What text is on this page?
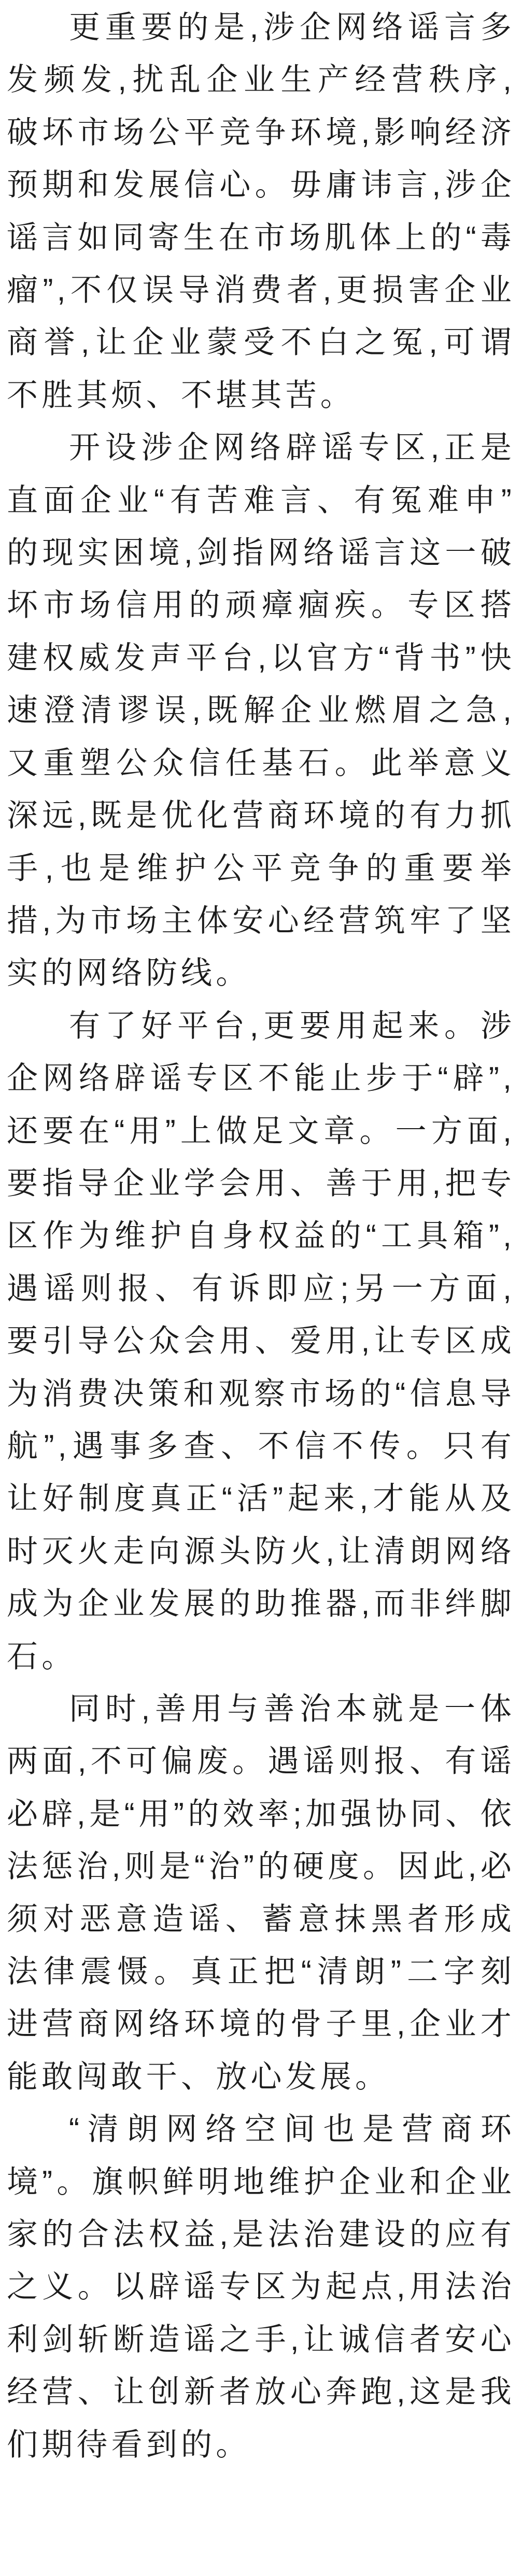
更重要的是,涉企网络谣言多发频发,扰乱企业生产经营秩序,破坏市场公平竞争环境,影响经济预期和发展信心。毋庸讳言,涉企谣言如同寄生在市场肌体上的“毒瘤”,不仅误导消费者,更损害企业商誉,让企业蒙受不白之冤,可谓不胜其烦、不堪其苦。

开设涉企网络辟谣专区,正是直面企业“有苦难言、有冤难申”的现实困境,剑指网络谣言这一破坏市场信用的顽瘴痼疾。专区搭建权威发声平台,以官方“背书”快速澄清谬误,既解企业燃眉之急,又重塑公众信任基石。此举意义深远,既是优化营商环境的有力抓手,也是维护公平竞争的重要举措,为市场主体安心经营筑牢了坚实的网络防线。

有了好平台,更要用起来。涉企网络辟谣专区不能止步于“辟”,还要在“用”上做足文章。一方面,要指导企业学会用、善于用,把专区作为维护自身权益的“工具箱”,遇谣则报、有诉即应;另一方面,要引导公众会用、爱用,让专区成为消费决策和观察市场的“信息导航”,遇事多查、不信不传。只有让好制度真正“活”起来,才能从及时灭火走向源头防火,让清朗网络成为企业发展的助推器,而非绊脚石。

同时,善用与善治本就是一体两面,不可偏废。遇谣则报、有谣必辟,是“用”的效率;加强协同、依法惩治,则是“治”的硬度。因此,必须对恶意造谣、蓄意抹黑者形成法律震慑。真正把“清朗”二字刻进营商网络环境的骨子里,企业才能敢闯敢干、放心发展。

“清朗网络空间也是营商环境”。旗帜鲜明地维护企业和企业家的合法权益,是法治建设的应有之义。以辟谣专区为起点,用法治利剑斩断造谣之手,让诚信者安心经营、让创新者放心奔跑,这是我们期待看到的。
